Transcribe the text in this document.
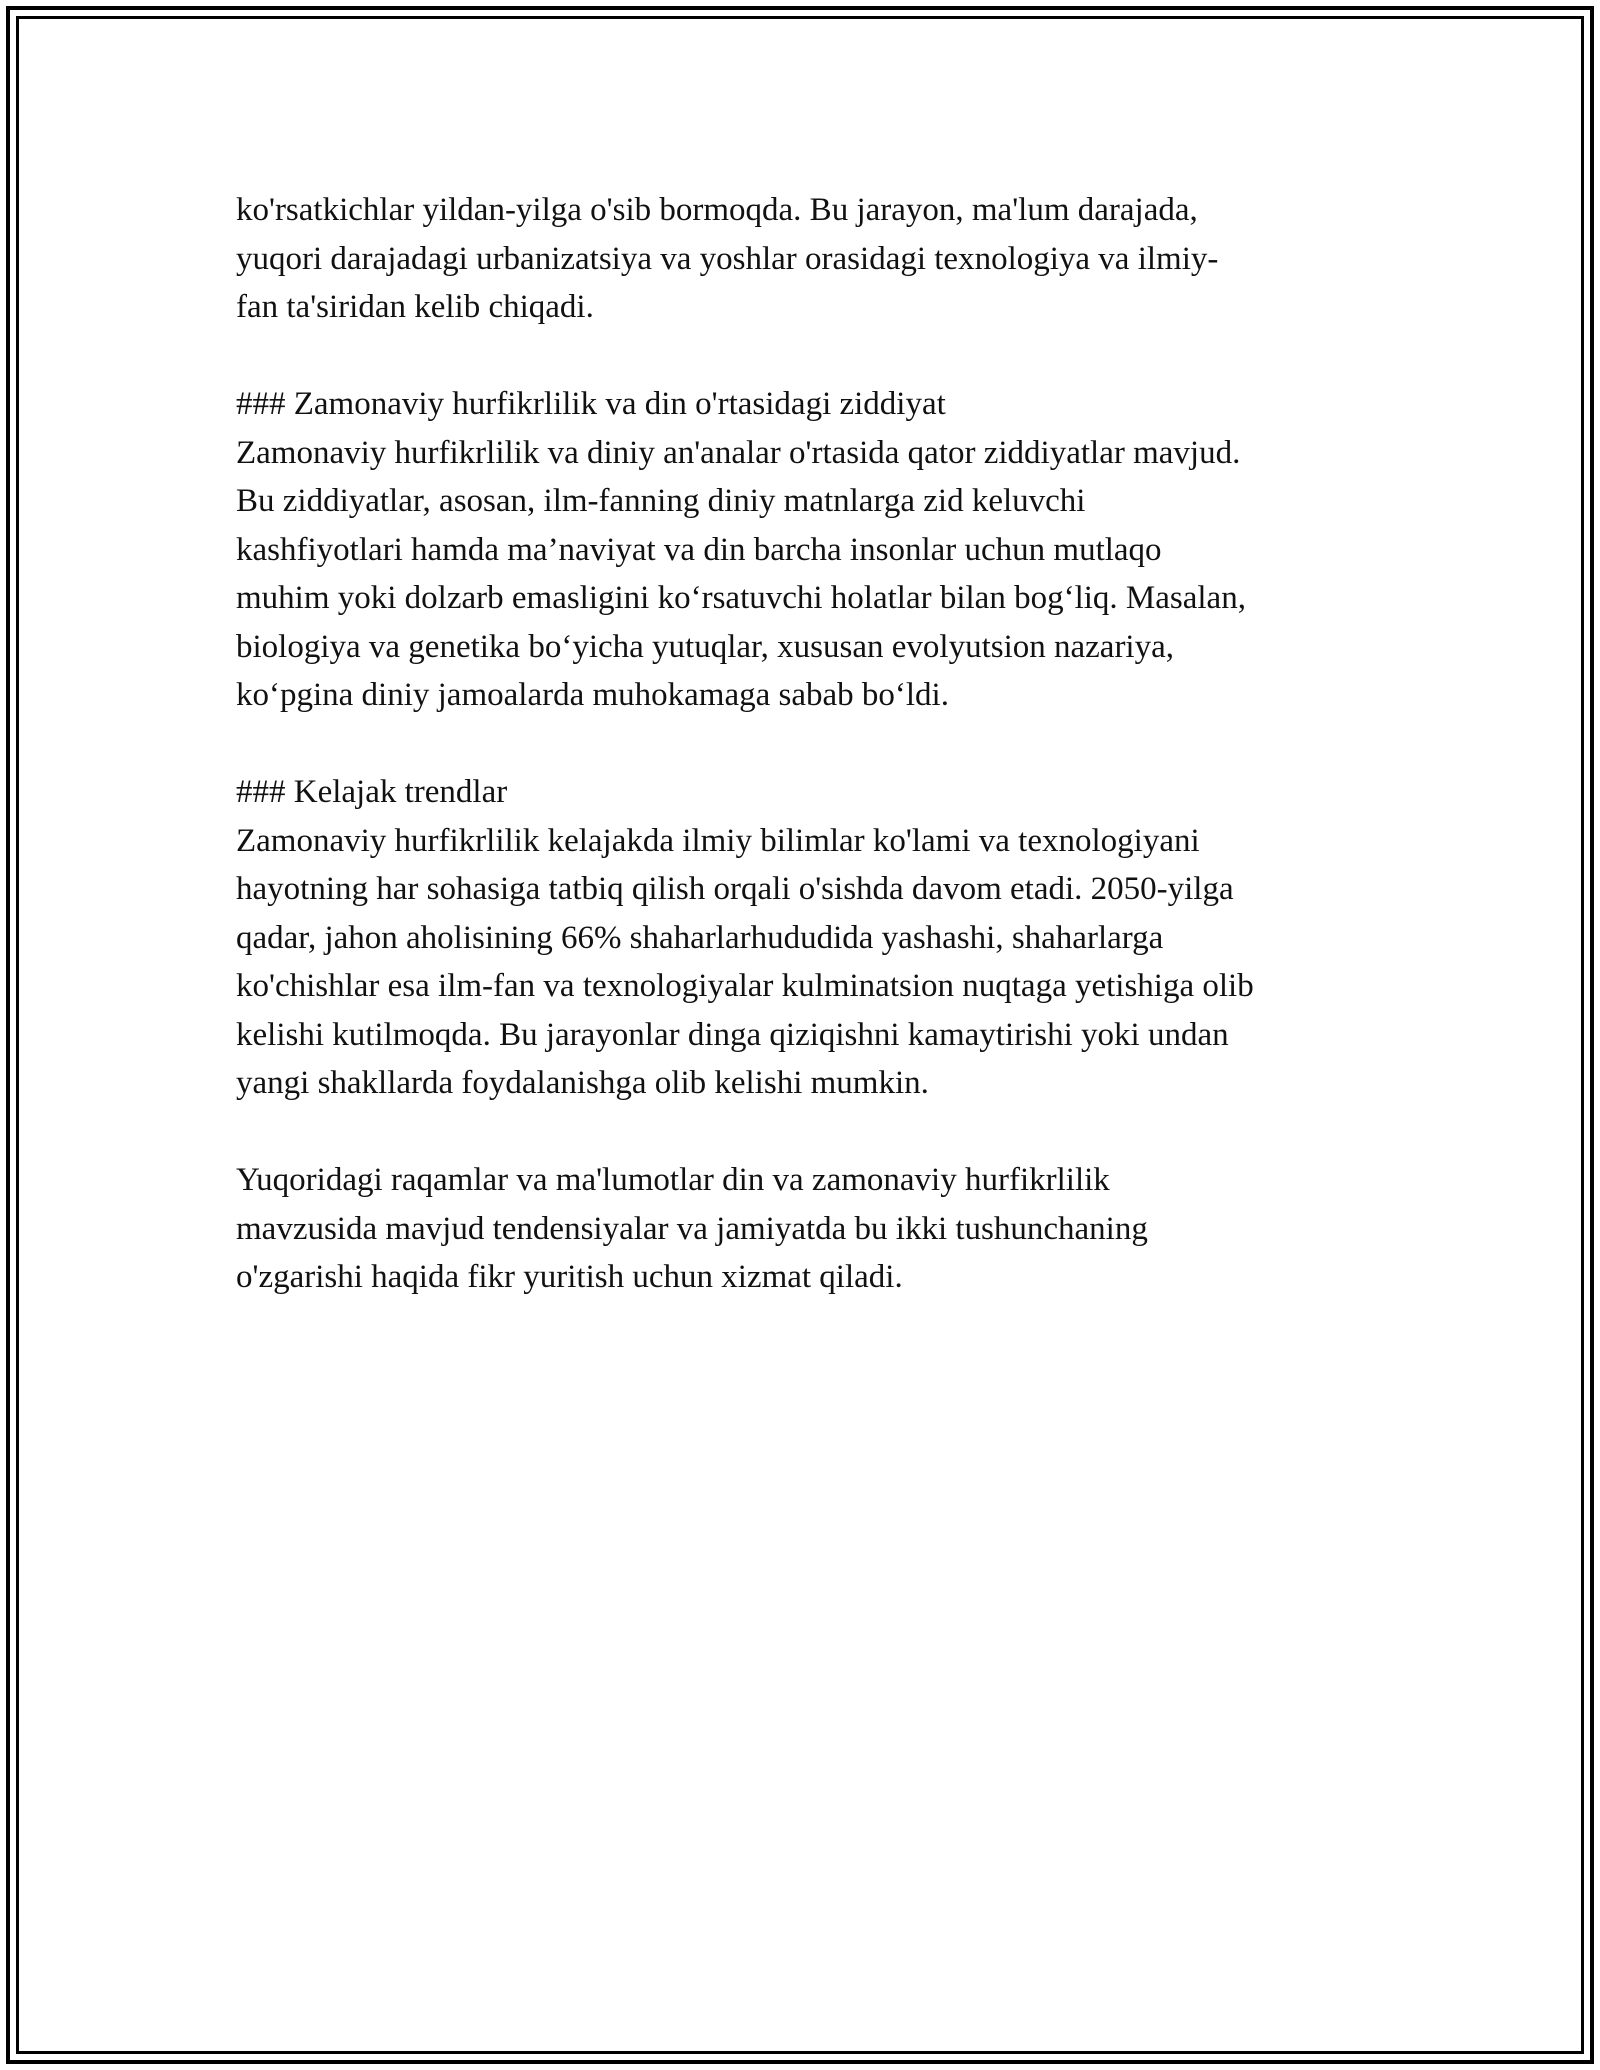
ko'rsatkichlar yildan-yilga o'sib bormoqda. Bu jarayon, ma'lum darajada,
yuqori darajadagi urbanizatsiya va yoshlar orasidagi texnologiya va ilmiy-
fan ta'siridan kelib chiqadi.
### Zamonaviy hurfikrlilik va din o'rtasidagi ziddiyat
Zamonaviy hurfikrlilik va diniy an'analar o'rtasida qator ziddiyatlar mavjud.
Bu ziddiyatlar, asosan, ilm-fanning diniy matnlarga zid keluvchi
kashfiyotlari hamda ma’naviyat va din barcha insonlar uchun mutlaqo
muhim yoki dolzarb emasligini ko‘rsatuvchi holatlar bilan bog‘liq. Masalan,
biologiya va genetika bo‘yicha yutuqlar, xususan evolyutsion nazariya,
ko‘pgina diniy jamoalarda muhokamaga sabab bo‘ldi.
### Kelajak trendlar
Zamonaviy hurfikrlilik kelajakda ilmiy bilimlar ko'lami va texnologiyani
hayotning har sohasiga tatbiq qilish orqali o'sishda davom etadi. 2050-yilga
qadar, jahon aholisining 66% shaharlarhududida yashashi, shaharlarga
ko'chishlar esa ilm-fan va texnologiyalar kulminatsion nuqtaga yetishiga olib
kelishi kutilmoqda. Bu jarayonlar dinga qiziqishni kamaytirishi yoki undan
yangi shakllarda foydalanishga olib kelishi mumkin.
Yuqoridagi raqamlar va ma'lumotlar din va zamonaviy hurfikrlilik
mavzusida mavjud tendensiyalar va jamiyatda bu ikki tushunchaning
o'zgarishi haqida fikr yuritish uchun xizmat qiladi.
